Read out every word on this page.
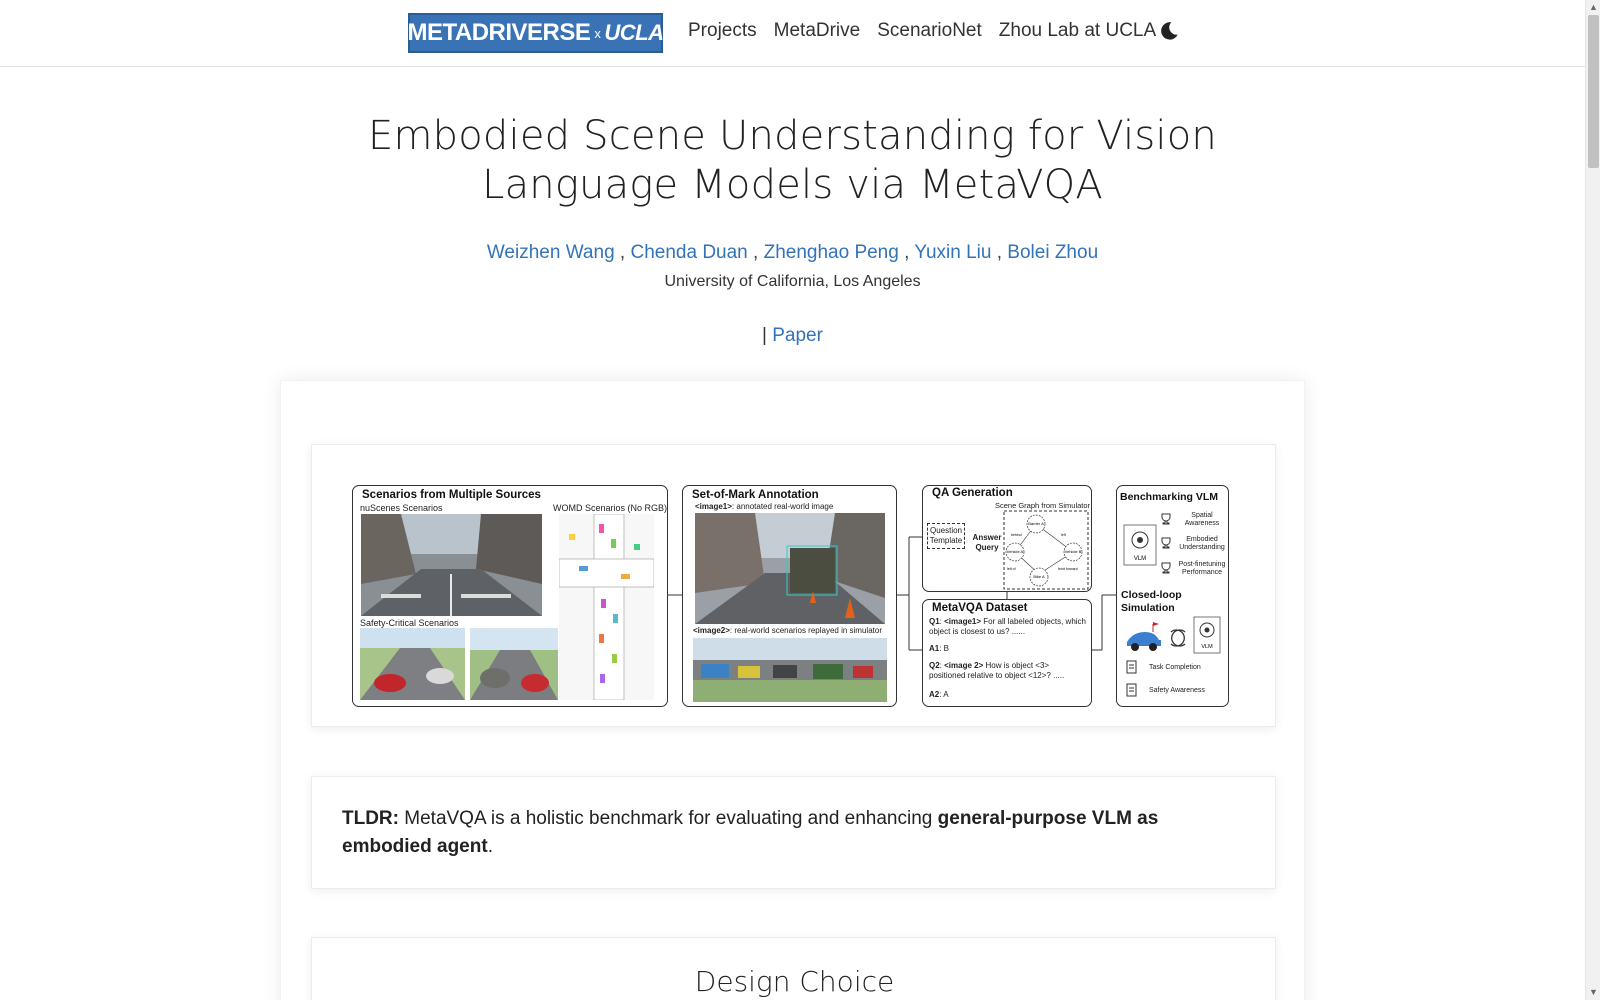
METADRIVERSE x UCLA Projects MetaDrive ScenarioNet Zhou Lab at UCLA
▲
▼
Embodied Scene Understanding for Vision Language Models via MetaVQA
Weizhen Wang , Chenda Duan , Zhenghao Peng , Yuxin Liu , Bolei Zhou
University of California, Los Angeles
| Paper
Scenarios from Multiple Sources
nuScenes Scenarios	WOMD Scenarios (No RGB)
Safety-Critical Scenarios
Set-of-Mark Annotation
<image1>: annotated real-world image
<image2>: real-world scenarios replayed in simulator
QA Generation
Scene Graph from Simulator
Question Template	Answer Query
Barrier A
Vehicle A	Vehicle B
Bike A
behind	left
left of	front forward
MetaVQA Dataset
Q1: <image1> For all labeled objects, which object is closest to us? ......
A1: B
Q2: <image 2> How is object <3> positioned relative to object <12>? .....
A2: A
Benchmarking VLM
VLM
Spatial Awareness
Embodied Understanding
Post-finetuning Performance
Closed-loop Simulation
VLM
Task Completion
Safety Awareness

TLDR: MetaVQA is a holistic benchmark for evaluating and enhancing general-purpose VLM as embodied agent.

Design Choice
